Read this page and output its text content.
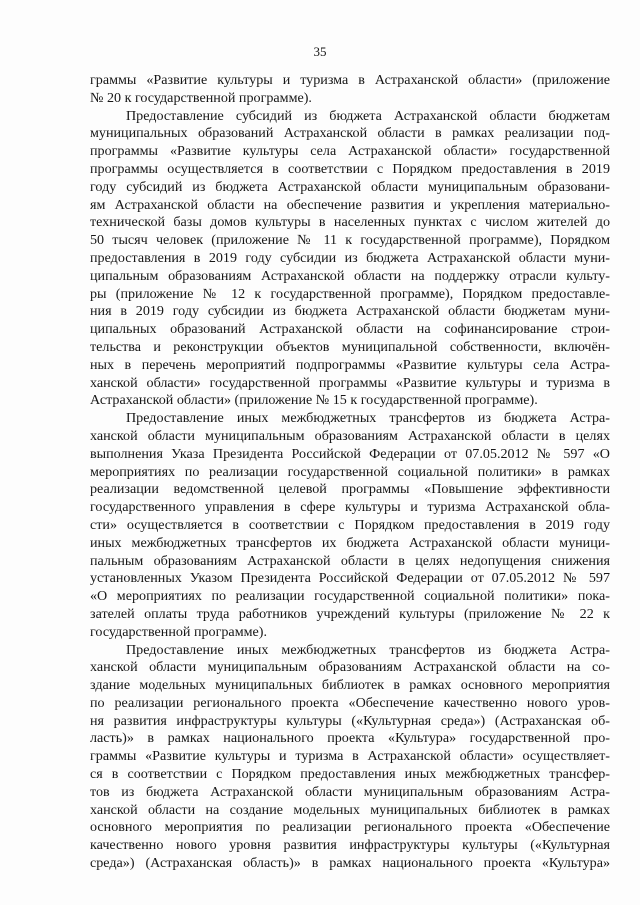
35
граммы «Развитие культуры и туризма в Астраханской области» (приложение
№ 20 к государственной программе).
Предоставление субсидий из бюджета Астраханской области бюджетам
муниципальных образований Астраханской области в рамках реализации под-
программы «Развитие культуры села Астраханской области» государственной
программы осуществляется в соответствии с Порядком предоставления в 2019
году субсидий из бюджета Астраханской области муниципальным образовани-
ям Астраханской области на обеспечение развития и укрепления материально-
технической базы домов культуры в населенных пунктах с числом жителей до
50 тысяч человек (приложение № 11 к государственной программе), Порядком
предоставления в 2019 году субсидии из бюджета Астраханской области муни-
ципальным образованиям Астраханской области на поддержку отрасли культу-
ры (приложение № 12 к государственной программе), Порядком предоставле-
ния в 2019 году субсидии из бюджета Астраханской области бюджетам муни-
ципальных образований Астраханской области на софинансирование строи-
тельства и реконструкции объектов муниципальной собственности, включён-
ных в перечень мероприятий подпрограммы «Развитие культуры села Астра-
ханской области» государственной программы «Развитие культуры и туризма в
Астраханской области» (приложение № 15 к государственной программе).
Предоставление иных межбюджетных трансфертов из бюджета Астра-
ханской области муниципальным образованиям Астраханской области в целях
выполнения Указа Президента Российской Федерации от 07.05.2012 № 597 «О
мероприятиях по реализации государственной социальной политики» в рамках
реализации ведомственной целевой программы «Повышение эффективности
государственного управления в сфере культуры и туризма Астраханской обла-
сти» осуществляется в соответствии с Порядком предоставления в 2019 году
иных межбюджетных трансфертов их бюджета Астраханской области муници-
пальным образованиям Астраханской области в целях недопущения снижения
установленных Указом Президента Российской Федерации от 07.05.2012 № 597
«О мероприятиях по реализации государственной социальной политики» пока-
зателей оплаты труда работников учреждений культуры (приложение № 22 к
государственной программе).
Предоставление иных межбюджетных трансфертов из бюджета Астра-
ханской области муниципальным образованиям Астраханской области на со-
здание модельных муниципальных библиотек в рамках основного мероприятия
по реализации регионального проекта «Обеспечение качественно нового уров-
ня развития инфраструктуры культуры («Культурная среда») (Астраханская об-
ласть)» в рамках национального проекта «Культура» государственной про-
граммы «Развитие культуры и туризма в Астраханской области» осуществляет-
ся в соответствии с Порядком предоставления иных межбюджетных трансфер-
тов из бюджета Астраханской области муниципальным образованиям Астра-
ханской области на создание модельных муниципальных библиотек в рамках
основного мероприятия по реализации регионального проекта «Обеспечение
качественно нового уровня развития инфраструктуры культуры («Культурная
среда») (Астраханская область)» в рамках национального проекта «Культура»
